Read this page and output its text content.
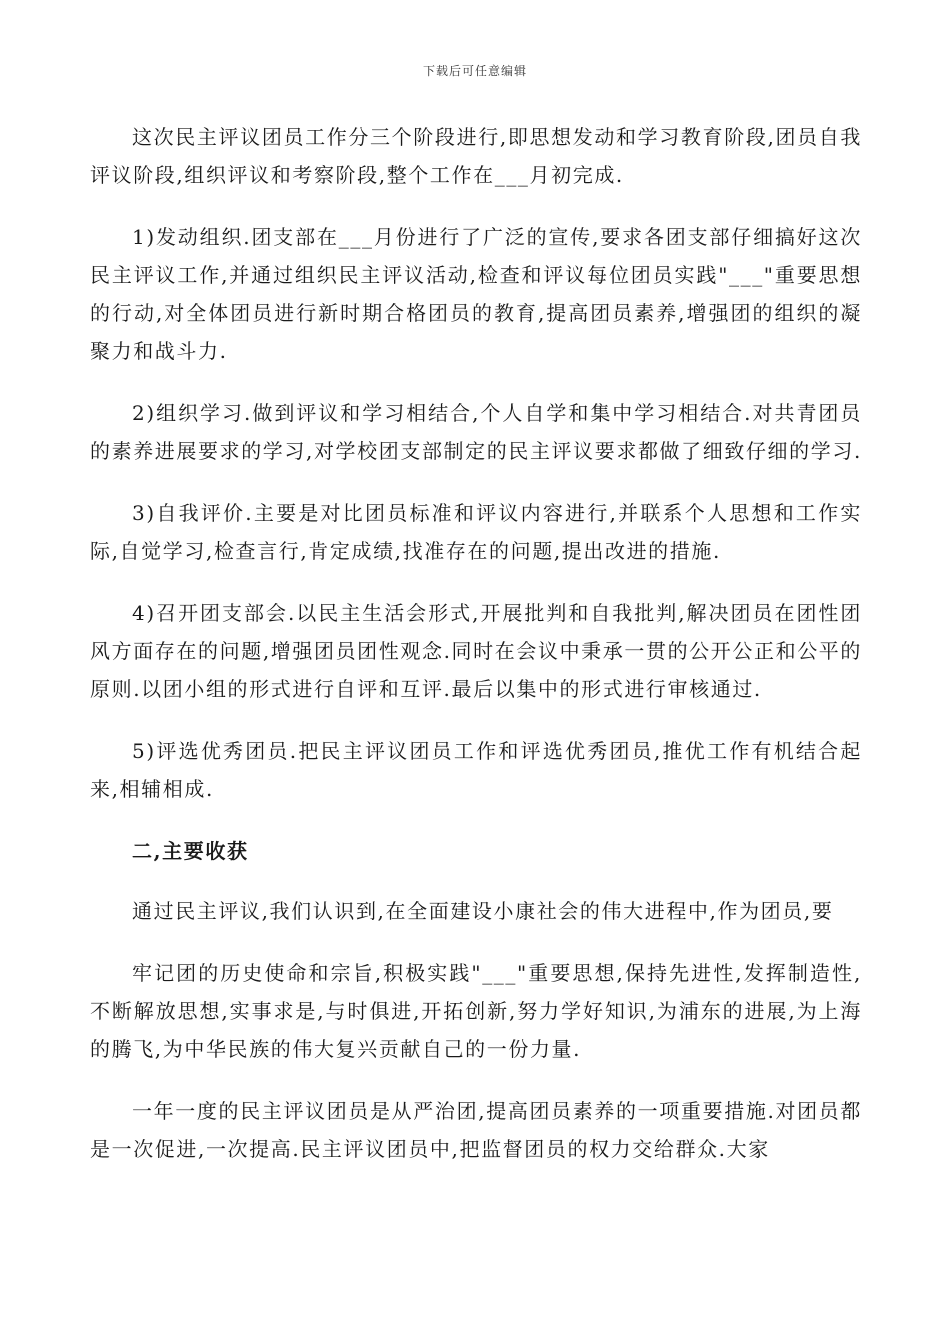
下载后可任意编辑

这次民主评议团员工作分三个阶段进行,即思想发动和学习教育阶段,团员自我评议阶段,组织评议和考察阶段,整个工作在___月初完成.

1)发动组织.团支部在___月份进行了广泛的宣传,要求各团支部仔细搞好这次民主评议工作,并通过组织民主评议活动,检查和评议每位团员实践"___"重要思想的行动,对全体团员进行新时期合格团员的教育,提高团员素养,增强团的组织的凝聚力和战斗力.

2)组织学习.做到评议和学习相结合,个人自学和集中学习相结合.对共青团员的素养进展要求的学习,对学校团支部制定的民主评议要求都做了细致仔细的学习.

3)自我评价.主要是对比团员标准和评议内容进行,并联系个人思想和工作实际,自觉学习,检查言行,肯定成绩,找准存在的问题,提出改进的措施.

4)召开团支部会.以民主生活会形式,开展批判和自我批判,解决团员在团性团风方面存在的问题,增强团员团性观念.同时在会议中秉承一贯的公开公正和公平的原则.以团小组的形式进行自评和互评.最后以集中的形式进行审核通过.

5)评选优秀团员.把民主评议团员工作和评选优秀团员,推优工作有机结合起来,相辅相成.

二,主要收获

通过民主评议,我们认识到,在全面建设小康社会的伟大进程中,作为团员,要

牢记团的历史使命和宗旨,积极实践"___"重要思想,保持先进性,发挥制造性,不断解放思想,实事求是,与时俱进,开拓创新,努力学好知识,为浦东的进展,为上海的腾飞,为中华民族的伟大复兴贡献自己的一份力量.

一年一度的民主评议团员是从严治团,提高团员素养的一项重要措施.对团员都是一次促进,一次提高.民主评议团员中,把监督团员的权力交给群众.大家
